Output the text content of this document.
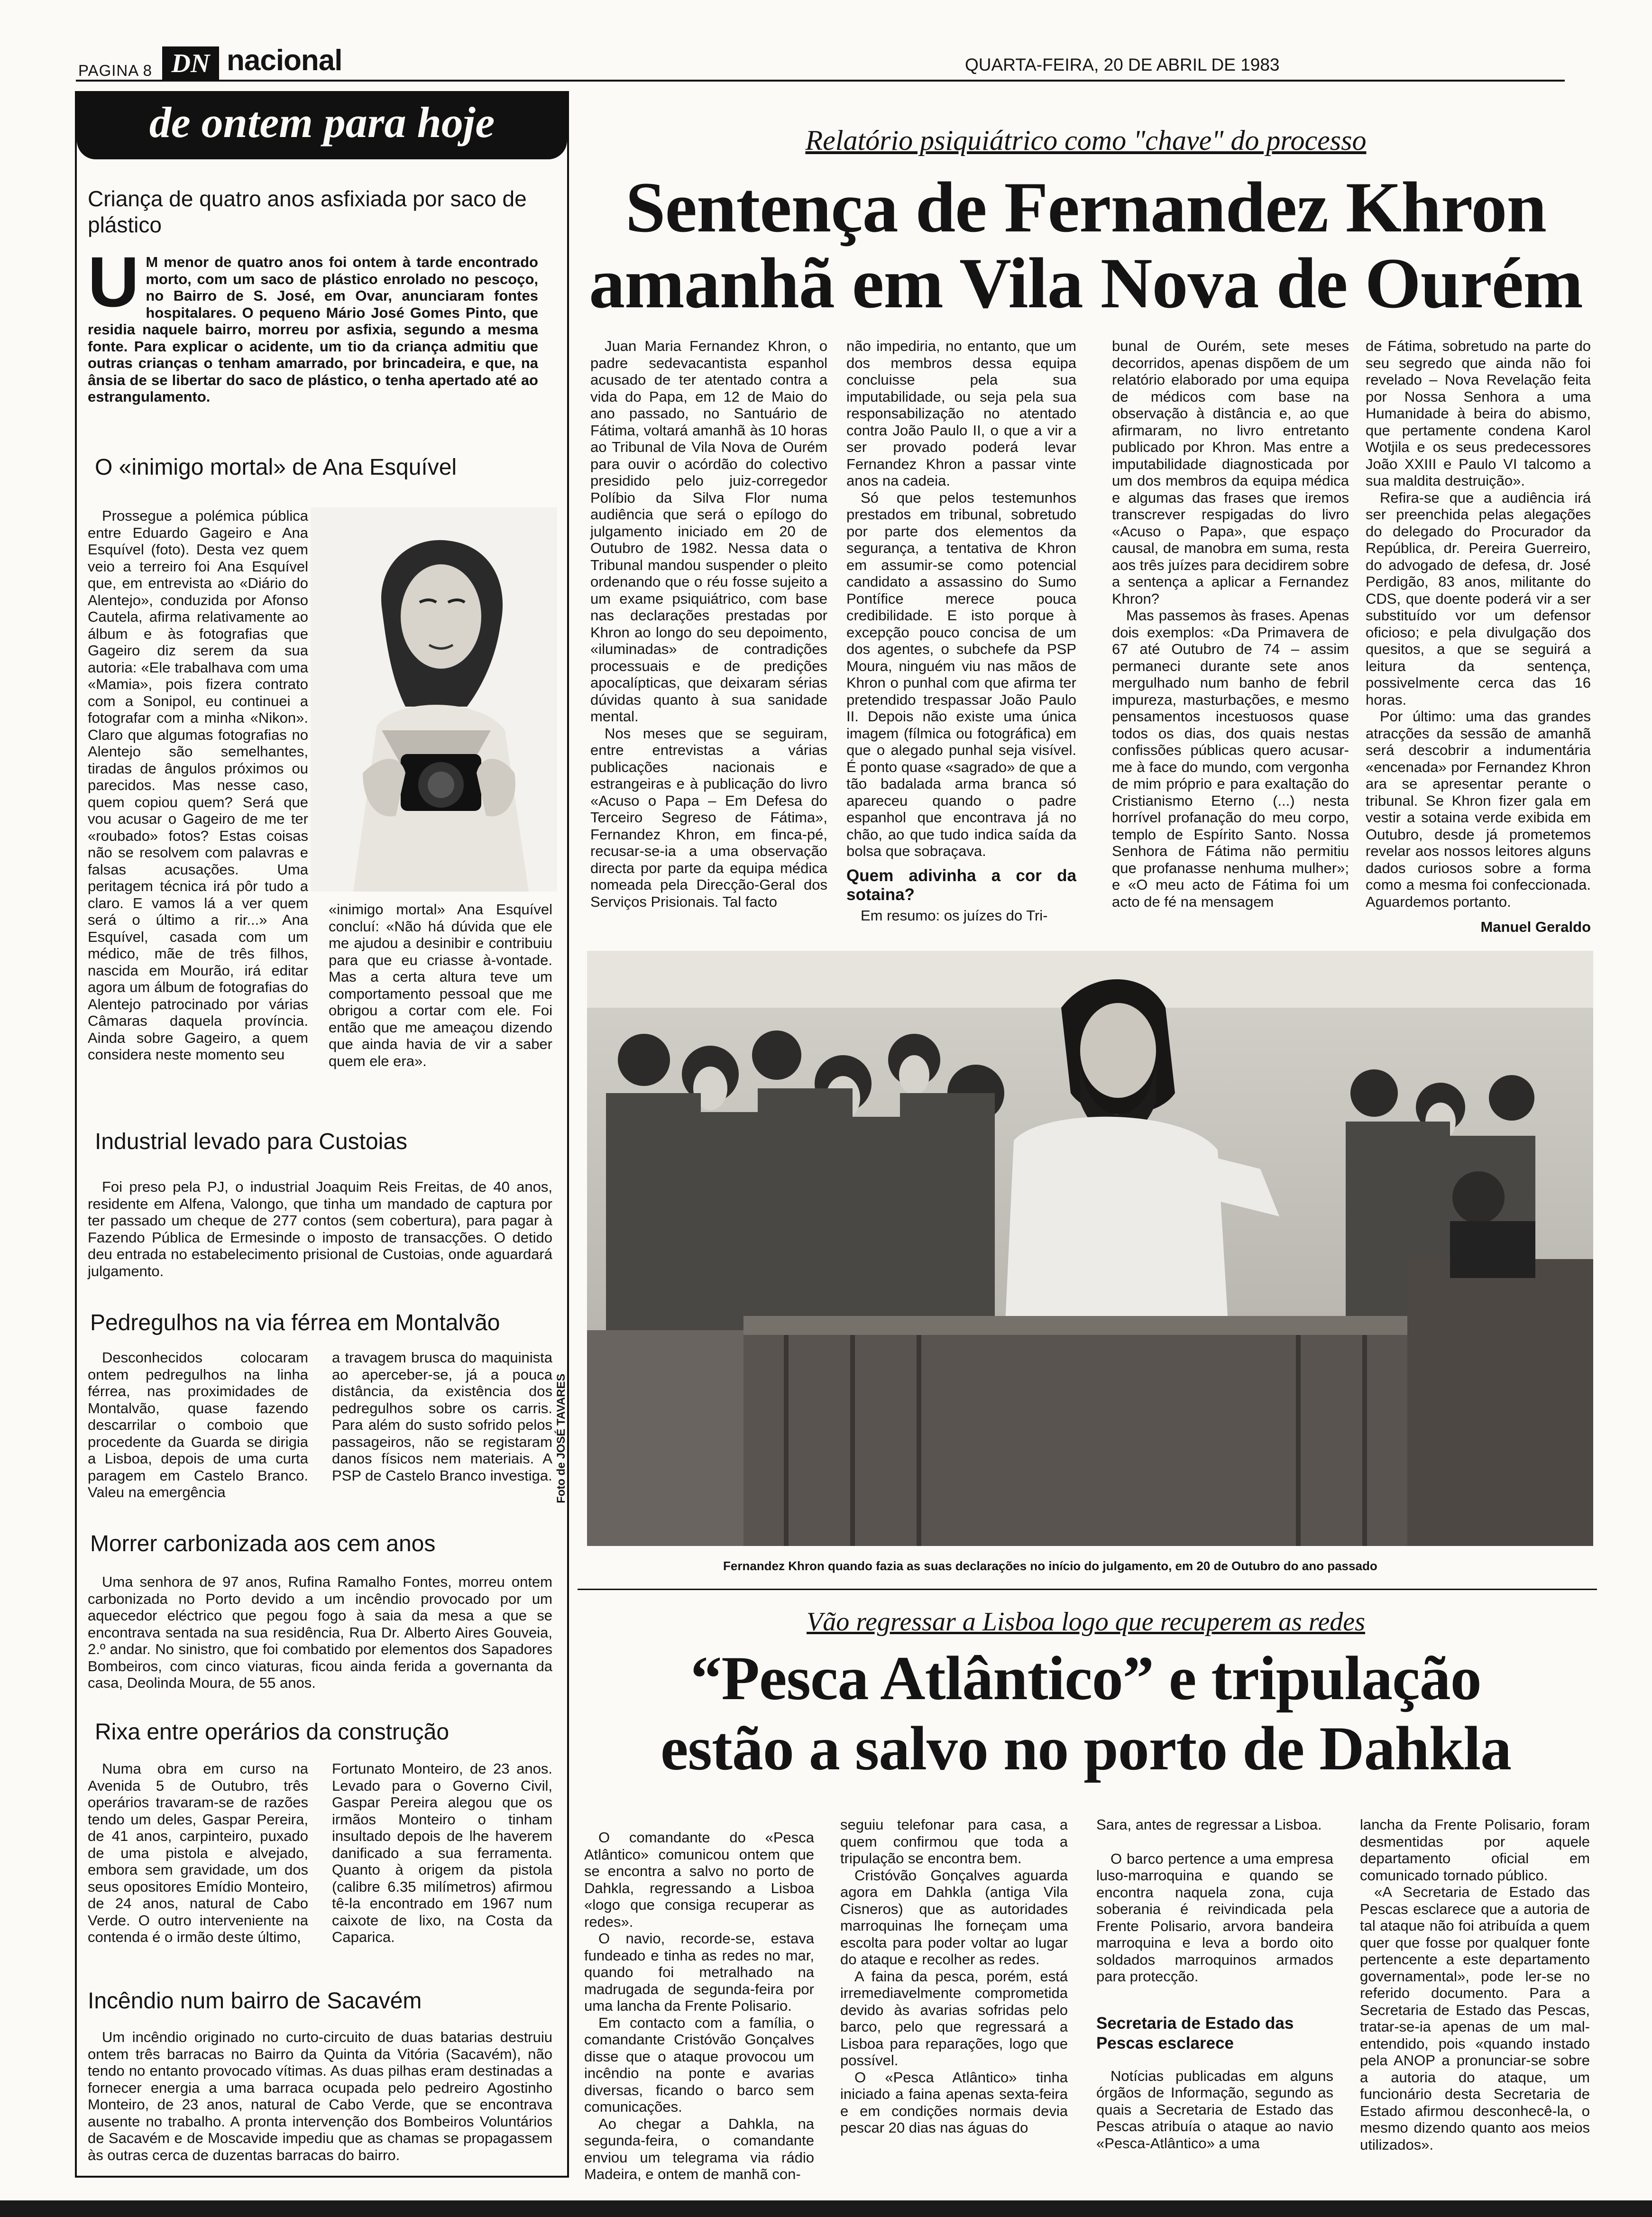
PAGINA 8 DN nacional	QUARTA-FEIRA, 20 DE ABRIL DE 1983
de ontem para hoje
Criança de quatro anos asfixiada por saco de plástico
U M menor de quatro anos foi ontem à tarde encontrado morto, com um saco de plástico enrolado no pescoço, no Bairro de S. José, em Ovar, anunciaram fontes hospitalares. O pequeno Mário José Gomes Pinto, que residia naquele bairro, morreu por asfixia, segundo a mesma fonte. Para explicar o acidente, um tio da criança admitiu que outras crianças o tenham amarrado, por brincadeira, e que, na ânsia de se libertar do saco de plástico, o tenha apertado até ao estrangulamento.
O «inimigo mortal» de Ana Esquível

Prossegue a polémica pública entre Eduardo Gageiro e Ana Esquível (foto). Desta vez quem veio a terreiro foi Ana Esquível que, em entrevista ao «Diário do Alentejo», conduzida por Afonso Cautela, afirma relativamente ao álbum e às fotografias que Gageiro diz serem da sua autoria: «Ele trabalhava com uma «Mamia», pois fizera contrato com a Sonipol, eu continuei a fotografar com a minha «Nikon». Claro que algumas fotografias no Alentejo são semelhantes, tiradas de ângulos próximos ou parecidos. Mas nesse caso, quem copiou quem? Será que vou acusar o Gageiro de me ter «roubado» fotos? Estas coisas não se resolvem com palavras e falsas acusações. Uma peritagem técnica irá pôr tudo a claro. E vamos lá a ver quem será o último a rir...» Ana Esquível, casada com um médico, mãe de três filhos, nascida em Mourão, irá editar agora um álbum de fotografias do Alentejo patrocinado por várias Câmaras daquela província. Ainda sobre Gageiro, a quem considera neste momento seu

«inimigo mortal» Ana Esquível concluí: «Não há dúvida que ele me ajudou a desinibir e contribuiu para que eu criasse à-vontade. Mas a certa altura teve um comportamento pessoal que me obrigou a cortar com ele. Foi então que me ameaçou dizendo que ainda havia de vir a saber quem ele era».

Industrial levado para Custoias

Foi preso pela PJ, o industrial Joaquim Reis Freitas, de 40 anos, residente em Alfena, Valongo, que tinha um mandado de captura por ter passado um cheque de 277 contos (sem cobertura), para pagar à Fazendo Pública de Ermesinde o imposto de transacções. O detido deu entrada no estabelecimento prisional de Custoias, onde aguardará julgamento.

Pedregulhos na via férrea em Montalvão

Desconhecidos colocaram ontem pedregulhos na linha férrea, nas proximidades de Montalvão, quase fazendo descarrilar o comboio que procedente da Guarda se dirigia a Lisboa, depois de uma curta paragem em Castelo Branco. Valeu na emergência

a travagem brusca do maquinista ao aperceber-se, já a pouca distância, da existência dos pedregulhos sobre os carris. Para além do susto sofrido pelos passageiros, não se registaram danos físicos nem materiais. A PSP de Castelo Branco investiga.

Morrer carbonizada aos cem anos

Uma senhora de 97 anos, Rufina Ramalho Fontes, morreu ontem carbonizada no Porto devido a um incêndio provocado por um aquecedor eléctrico que pegou fogo à saia da mesa a que se encontrava sentada na sua residência, Rua Dr. Alberto Aires Gouveia, 2.º andar. No sinistro, que foi combatido por elementos dos Sapadores Bombeiros, com cinco viaturas, ficou ainda ferida a governanta da casa, Deolinda Moura, de 55 anos.

Rixa entre operários da construção

Numa obra em curso na Avenida 5 de Outubro, três operários travaram-se de razões tendo um deles, Gaspar Pereira, de 41 anos, carpinteiro, puxado de uma pistola e alvejado, embora sem gravidade, um dos seus opositores Emídio Monteiro, de 24 anos, natural de Cabo Verde. O outro interveniente na contenda é o irmão deste último,

Fortunato Monteiro, de 23 anos. Levado para o Governo Civil, Gaspar Pereira alegou que os irmãos Monteiro o tinham insultado depois de lhe haverem danificado a sua ferramenta. Quanto à origem da pistola (calibre 6.35 milímetros) afirmou tê-la encontrado em 1967 num caixote de lixo, na Costa da Caparica.

Incêndio num bairro de Sacavém

Um incêndio originado no curto-circuito de duas batarias destruiu ontem três barracas no Bairro da Quinta da Vitória (Sacavém), não tendo no entanto provocado vítimas. As duas pilhas eram destinadas a fornecer energia a uma barraca ocupada pelo pedreiro Agostinho Monteiro, de 23 anos, natural de Cabo Verde, que se encontrava ausente no trabalho. A pronta intervenção dos Bombeiros Voluntários de Sacavém e de Moscavide impediu que as chamas se propagassem às outras cerca de duzentas barracas do bairro.

Relatório psiquiátrico como "chave" do processo
Sentença de Fernandez Khron
amanhã em Vila Nova de Ourém

Juan Maria Fernandez Khron, o padre sedevacantista espanhol acusado de ter atentado contra a vida do Papa, em 12 de Maio do ano passado, no Santuário de Fátima, voltará amanhã às 10 horas ao Tribunal de Vila Nova de Ourém para ouvir o acórdão do colectivo presidido pelo juiz-corregedor Políbio da Silva Flor numa audiência que será o epílogo do julgamento iniciado em 20 de Outubro de 1982. Nessa data o Tribunal mandou suspender o pleito ordenando que o réu fosse sujeito a um exame psiquiátrico, com base nas declarações prestadas por Khron ao longo do seu depoimento, «iluminadas» de contradições processuais e de predições apocalípticas, que deixaram sérias dúvidas quanto à sua sanidade mental.

Nos meses que se seguiram, entre entrevistas a várias publicações nacionais e estrangeiras e à publicação do livro «Acuso o Papa – Em Defesa do Terceiro Segreso de Fátima», Fernandez Khron, em finca-pé, recusar-se-ia a uma observação directa por parte da equipa médica nomeada pela Direcção-Geral dos Serviços Prisionais. Tal facto

não impediria, no entanto, que um dos membros dessa equipa concluisse pela sua imputabilidade, ou seja pela sua responsabilização no atentado contra João Paulo II, o que a vir a ser provado poderá levar Fernandez Khron a passar vinte anos na cadeia.

Só que pelos testemunhos prestados em tribunal, sobretudo por parte dos elementos da segurança, a tentativa de Khron em assumir-se como potencial candidato a assassino do Sumo Pontífice merece pouca credibilidade. E isto porque à excepção pouco concisa de um dos agentes, o subchefe da PSP Moura, ninguém viu nas mãos de Khron o punhal com que afirma ter pretendido trespassar João Paulo II. Depois não existe uma única imagem (fílmica ou fotográfica) em que o alegado punhal seja visível. É ponto quase «sagrado» de que a tão badalada arma branca só apareceu quando o padre espanhol que encontrava já no chão, ao que tudo indica saída da bolsa que sobraçava.

Quem adivinha a cor da sotaina?

Em resumo: os juízes do Tri-

bunal de Ourém, sete meses decorridos, apenas dispõem de um relatório elaborado por uma equipa de médicos com base na observação à distância e, ao que afirmaram, no livro entretanto publicado por Khron. Mas entre a imputabilidade diagnosticada por um dos membros da equipa médica e algumas das frases que iremos transcrever respigadas do livro «Acuso o Papa», que espaço causal, de manobra em suma, resta aos três juízes para decidirem sobre a sentença a aplicar a Fernandez Khron?

Mas passemos às frases. Apenas dois exemplos: «Da Primavera de 67 até Outubro de 74 – assim permaneci durante sete anos mergulhado num banho de febril impureza, masturbações, e mesmo pensamentos incestuosos quase todos os dias, dos quais nestas confissões públicas quero acusar-me à face do mundo, com vergonha de mim próprio e para exaltação do Cristianismo Eterno (...) nesta horrível profanação do meu corpo, templo de Espírito Santo. Nossa Senhora de Fátima não permitiu que profanasse nenhuma mulher»; e «O meu acto de Fátima foi um acto de fé na mensagem

de Fátima, sobretudo na parte do seu segredo que ainda não foi revelado – Nova Revelação feita por Nossa Senhora a uma Humanidade à beira do abismo, que pertamente condena Karol Wotjila e os seus predecessores João XXIII e Paulo VI talcomo a sua maldita destruição».

Refira-se que a audiência irá ser preenchida pelas alegações do delegado do Procurador da República, dr. Pereira Guerreiro, do advogado de defesa, dr. José Perdigão, 83 anos, militante do CDS, que doente poderá vir a ser substituído vor um defensor oficioso; e pela divulgação dos quesitos, a que se seguirá a leitura da sentença, possivelmente cerca das 16 horas.

Por último: uma das grandes atracções da sessão de amanhã será descobrir a indumentária «encenada» por Fernandez Khron ara se apresentar perante o tribunal. Se Khron fizer gala em vestir a sotaina verde exibida em Outubro, desde já prometemos revelar aos nossos leitores alguns dados curiosos sobre a forma como a mesma foi confeccionada. Aguardemos portanto.

Manuel Geraldo
Foto de JOSÉ TAVARES
Fernandez Khron quando fazia as suas declarações no início do julgamento, em 20 de Outubro do ano passado
Vão regressar a Lisboa logo que recuperem as redes
“Pesca Atlântico” e tripulação
estão a salvo no porto de Dahkla

O comandante do «Pesca Atlântico» comunicou ontem que se encontra a salvo no porto de Dahkla, regressando a Lisboa «logo que consiga recuperar as redes».

O navio, recorde-se, estava fundeado e tinha as redes no mar, quando foi metralhado na madrugada de segunda-feira por uma lancha da Frente Polisario.

Em contacto com a família, o comandante Cristóvão Gonçalves disse que o ataque provocou um incêndio na ponte e avarias diversas, ficando o barco sem comunicações.

Ao chegar a Dahkla, na segunda-feira, o comandante enviou um telegrama via rádio Madeira, e ontem de manhã con-

seguiu telefonar para casa, a quem confirmou que toda a tripulação se encontra bem.

Cristóvão Gonçalves aguarda agora em Dahkla (antiga Vila Cisneros) que as autoridades marroquinas lhe forneçam uma escolta para poder voltar ao lugar do ataque e recolher as redes.

A faina da pesca, porém, está irremediavelmente comprometida devido às avarias sofridas pelo barco, pelo que regressará a Lisboa para reparações, logo que possível.

O «Pesca Atlântico» tinha iniciado a faina apenas sexta-feira e em condições normais devia pescar 20 dias nas águas do

Sara, antes de regressar a Lisboa.

O barco pertence a uma empresa luso-marroquina e quando se encontra naquela zona, cuja soberania é reivindicada pela Frente Polisario, arvora bandeira marroquina e leva a bordo oito soldados marroquinos armados para protecção.

Secretaria de Estado das Pescas esclarece

Notícias publicadas em alguns órgãos de Informação, segundo as quais a Secretaria de Estado das Pescas atribuía o ataque ao navio «Pesca-Atlântico» a uma

lancha da Frente Polisario, foram desmentidas por aquele departamento oficial em comunicado tornado público.

«A Secretaria de Estado das Pescas esclarece que a autoria de tal ataque não foi atribuída a quem quer que fosse por qualquer fonte pertencente a este departamento governamental», pode ler-se no referido documento. Para a Secretaria de Estado das Pescas, tratar-se-ia apenas de um mal-entendido, pois «quando instado pela ANOP a pronunciar-se sobre a autoria do ataque, um funcionário desta Secretaria de Estado afirmou desconhecê-la, o mesmo dizendo quanto aos meios utilizados».
